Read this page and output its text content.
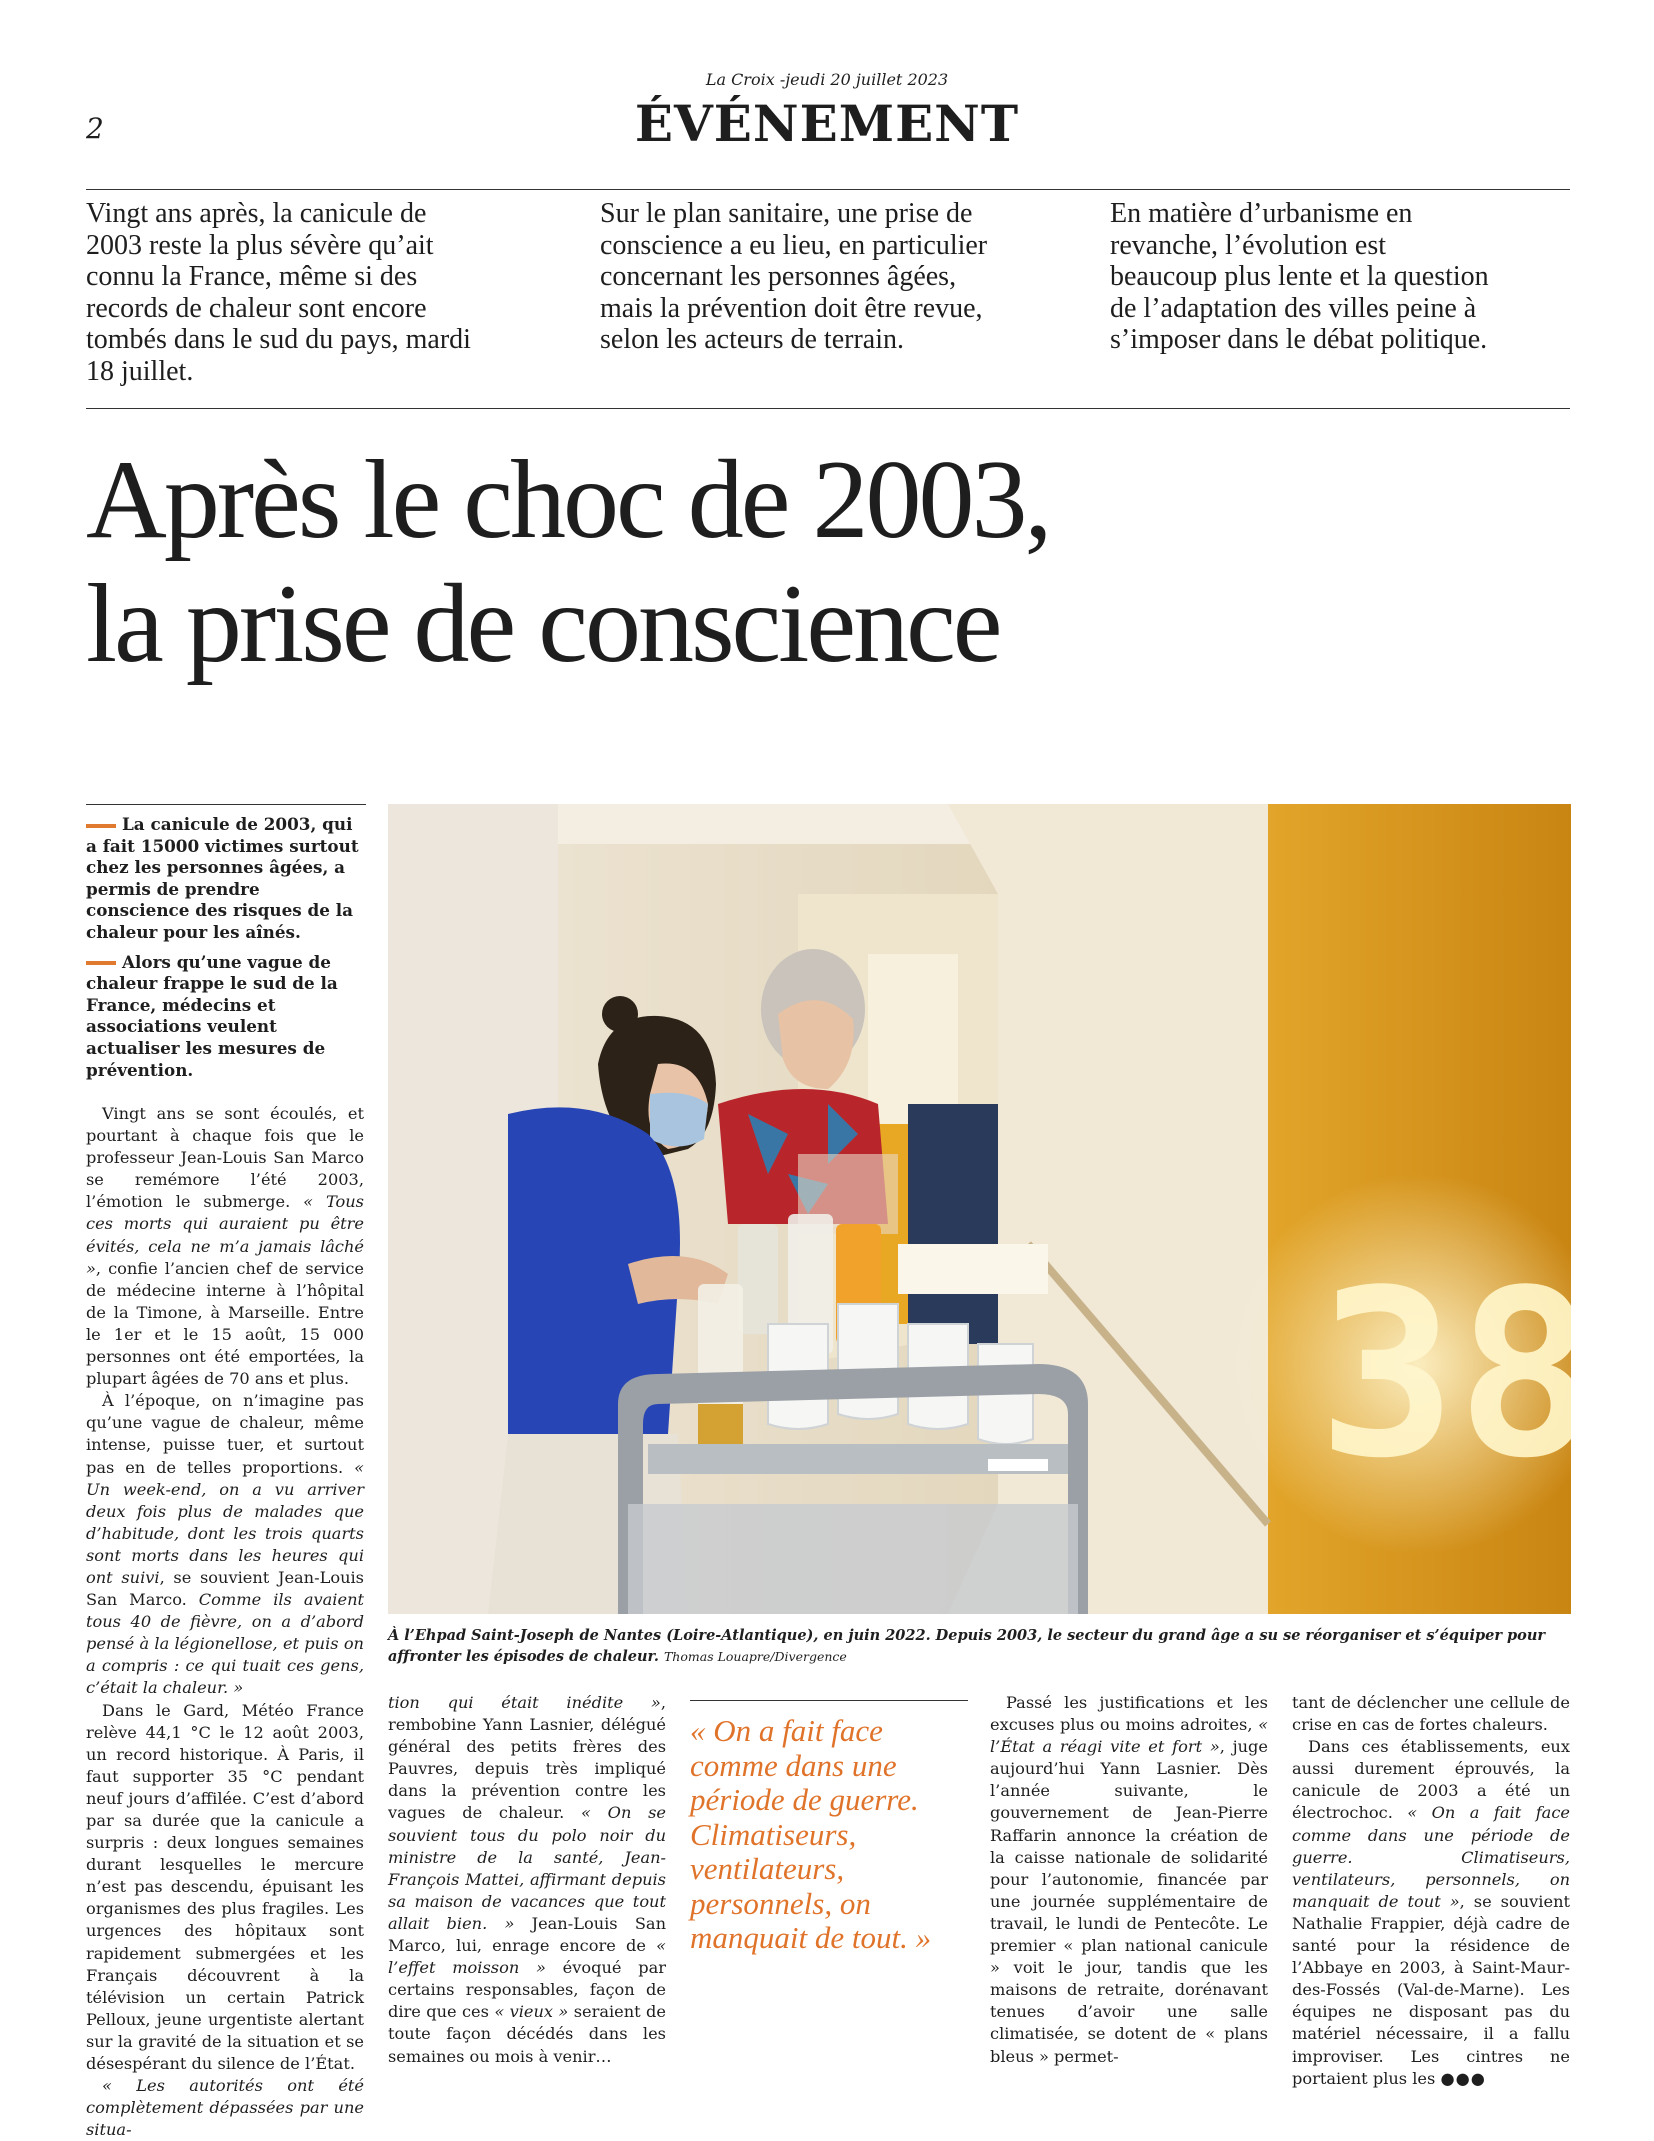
La Croix -jeudi 20 juillet 2023
ÉVÉNEMENT
2
Vingt ans après, la canicule de 2003 reste la plus sévère qu’ait connu la France, même si des records de chaleur sont encore tombés dans le sud du pays, mardi 18 juillet.
Sur le plan sanitaire, une prise de conscience a eu lieu, en particulier concernant les personnes âgées, mais la prévention doit être revue, selon les acteurs de terrain.
En matière d’urbanisme en revanche, l’évolution est beaucoup plus lente et la question de l’adaptation des villes peine à s’imposer dans le débat politique.
Après le choc de 2003,
la prise de conscience

La canicule de 2003, qui a fait 15000 victimes surtout chez les personnes âgées, a permis de prendre conscience des risques de la chaleur pour les aînés.

Alors qu’une vague de chaleur frappe le sud de la France, médecins et associations veulent actualiser les mesures de prévention.

À l’Ehpad Saint-Joseph de Nantes (Loire-Atlantique), en juin 2022. Depuis 2003, le secteur du grand âge a su se réorganiser et s’équiper pour affronter les épisodes de chaleur. Thomas Louapre/Divergence

Vingt ans se sont écoulés, et pourtant à chaque fois que le professeur Jean-Louis San Marco se remémore l’été 2003, l’émotion le submerge. « Tous ces morts qui auraient pu être évités, cela ne m’a jamais lâché », confie l’ancien chef de service de médecine interne à l’hôpital de la Timone, à Marseille. Entre le 1er et le 15 août, 15 000 personnes ont été emportées, la plupart âgées de 70 ans et plus.

À l’époque, on n’imagine pas qu’une vague de chaleur, même intense, puisse tuer, et surtout pas en de telles proportions. « Un week-end, on a vu arriver deux fois plus de malades que d’habitude, dont les trois quarts sont morts dans les heures qui ont suivi, se souvient Jean-Louis San Marco. Comme ils avaient tous 40 de fièvre, on a d’abord pensé à la légionellose, et puis on a compris : ce qui tuait ces gens, c’était la chaleur. »

Dans le Gard, Météo France relève 44,1 °C le 12 août 2003, un record historique. À Paris, il faut supporter 35 °C pendant neuf jours d’affilée. C’est d’abord par sa durée que la canicule a surpris : deux longues semaines durant lesquelles le mercure n’est pas descendu, épuisant les organismes des plus fragiles. Les urgences des hôpitaux sont rapidement submergées et les Français découvrent à la télévision un certain Patrick Pelloux, jeune urgentiste alertant sur la gravité de la situation et se désespérant du silence de l’État.

« Les autorités ont été complètement dépassées par une situa-

tion qui était inédite », rembobine Yann Lasnier, délégué général des petits frères des Pauvres, depuis très impliqué dans la prévention contre les vagues de chaleur. « On se souvient tous du polo noir du ministre de la santé, Jean-François Mattei, affirmant depuis sa maison de vacances que tout allait bien. » Jean-Louis San Marco, lui, enrage encore de « l’effet moisson » évoqué par certains responsables, façon de dire que ces « vieux » seraient de toute façon décédés dans les semaines ou mois à venir…

« On a fait face comme dans une période de guerre. Climatiseurs, ventilateurs, personnels, on manquait de tout. »

Passé les justifications et les excuses plus ou moins adroites, « l’État a réagi vite et fort », juge aujourd’hui Yann Lasnier. Dès l’année suivante, le gouvernement de Jean-Pierre Raffarin annonce la création de la caisse nationale de solidarité pour l’autonomie, financée par une journée supplémentaire de travail, le lundi de Pentecôte. Le premier « plan national canicule » voit le jour, tandis que les maisons de retraite, dorénavant tenues d’avoir une salle climatisée, se dotent de « plans bleus » permet-

tant de déclencher une cellule de crise en cas de fortes chaleurs.

Dans ces établissements, eux aussi durement éprouvés, la canicule de 2003 a été un électrochoc. « On a fait face comme dans une période de guerre. Climatiseurs, ventilateurs, personnels, on manquait de tout », se souvient Nathalie Frappier, déjà cadre de santé pour la résidence de l’Abbaye en 2003, à Saint-Maur-des-Fossés (Val-de-Marne). Les équipes ne disposant pas du matériel nécessaire, il a fallu improviser. Les cintres ne portaient plus les ●●●
